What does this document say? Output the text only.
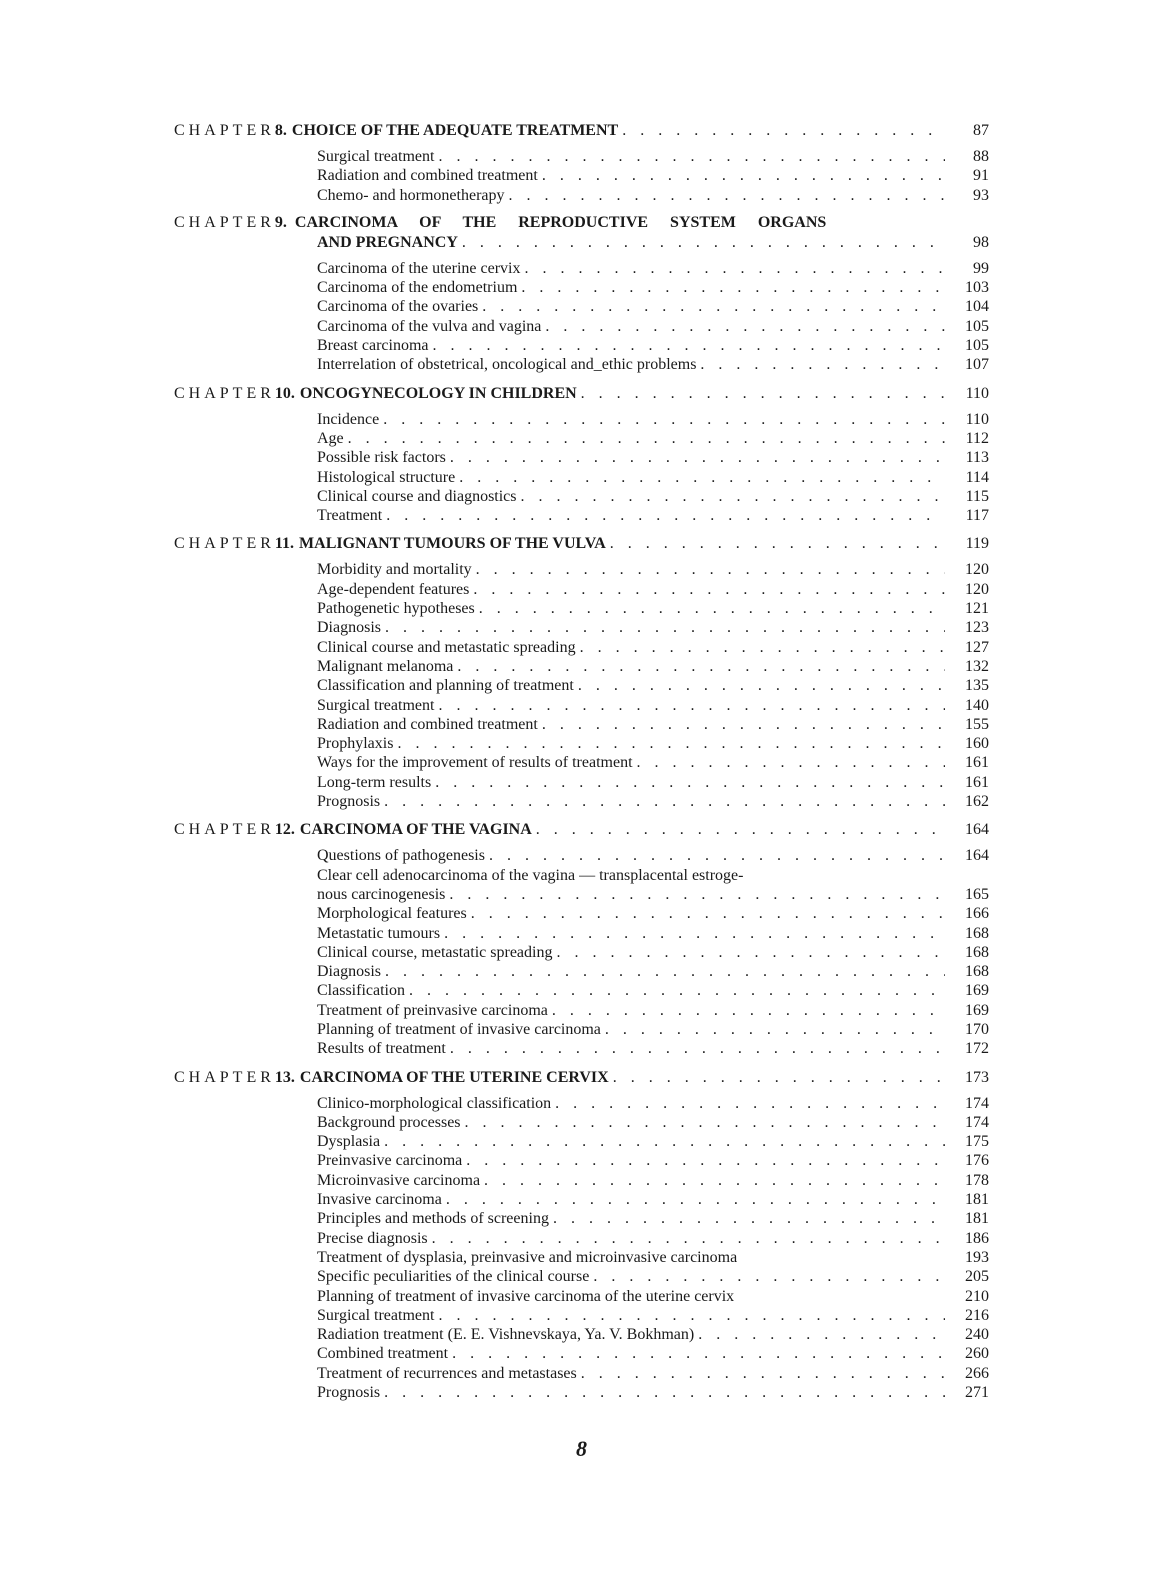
CHAPTER 8. CHOICE OF THE ADEQUATE TREATMENT . . .	87
Surgical treatment . . .	88
Radiation and combined treatment . . .	91
Chemo- and hormonetherapy . . .	93
CHAPTER 9. CARCINOMA OF THE REPRODUCTIVE SYSTEM ORGANS
AND PREGNANCY . . .	98
Carcinoma of the uterine cervix . . .	99
Carcinoma of the endometrium . . .	103
Carcinoma of the ovaries . . .	104
Carcinoma of the vulva and vagina . . .	105
Breast carcinoma . . .	105
Interrelation of obstetrical, oncological and_ethic problems . . .	107
CHAPTER 10. ONCOGYNECOLOGY IN CHILDREN . . .	110
Incidence . . .	110
Age . . .	112
Possible risk factors . . .	113
Histological structure . . .	114
Clinical course and diagnostics . . .	115
Treatment . . .	117
CHAPTER 11. MALIGNANT TUMOURS OF THE VULVA . . .	119
Morbidity and mortality . . .	120
Age-dependent features . . .	120
Pathogenetic hypotheses . . .	121
Diagnosis . . .	123
Clinical course and metastatic spreading . . .	127
Malignant melanoma . . .	132
Classification and planning of treatment . . .	135
Surgical treatment . . .	140
Radiation and combined treatment . . .	155
Prophylaxis . . .	160
Ways for the improvement of results of treatment . . .	161
Long-term results . . .	161
Prognosis . . .	162
CHAPTER 12. CARCINOMA OF THE VAGINA . . .	164
Questions of pathogenesis . . .	164
Clear cell adenocarcinoma of the vagina — transplacental estroge-
nous carcinogenesis . . .	165
Morphological features . . .	166
Metastatic tumours . . .	168
Clinical course, metastatic spreading . . .	168
Diagnosis . . .	168
Classification . . .	169
Treatment of preinvasive carcinoma . . .	169
Planning of treatment of invasive carcinoma . . .	170
Results of treatment . . .	172
CHAPTER 13. CARCINOMA OF THE UTERINE CERVIX . . .	173
Clinico-morphological classification . . .	174
Background processes . . .	174
Dysplasia . . .	175
Preinvasive carcinoma . . .	176
Microinvasive carcinoma . . .	178
Invasive carcinoma . . .	181
Principles and methods of screening . . .	181
Precise diagnosis . . .	186
Treatment of dysplasia, preinvasive and microinvasive carcinoma	193
Specific peculiarities of the clinical course . . .	205
Planning of treatment of invasive carcinoma of the uterine cervix	210
Surgical treatment . . .	216
Radiation treatment (E. E. Vishnevskaya, Ya. V. Bokhman) . . .	240
Combined treatment . . .	260
Treatment of recurrences and metastases . . .	266
Prognosis . . .	271
8
